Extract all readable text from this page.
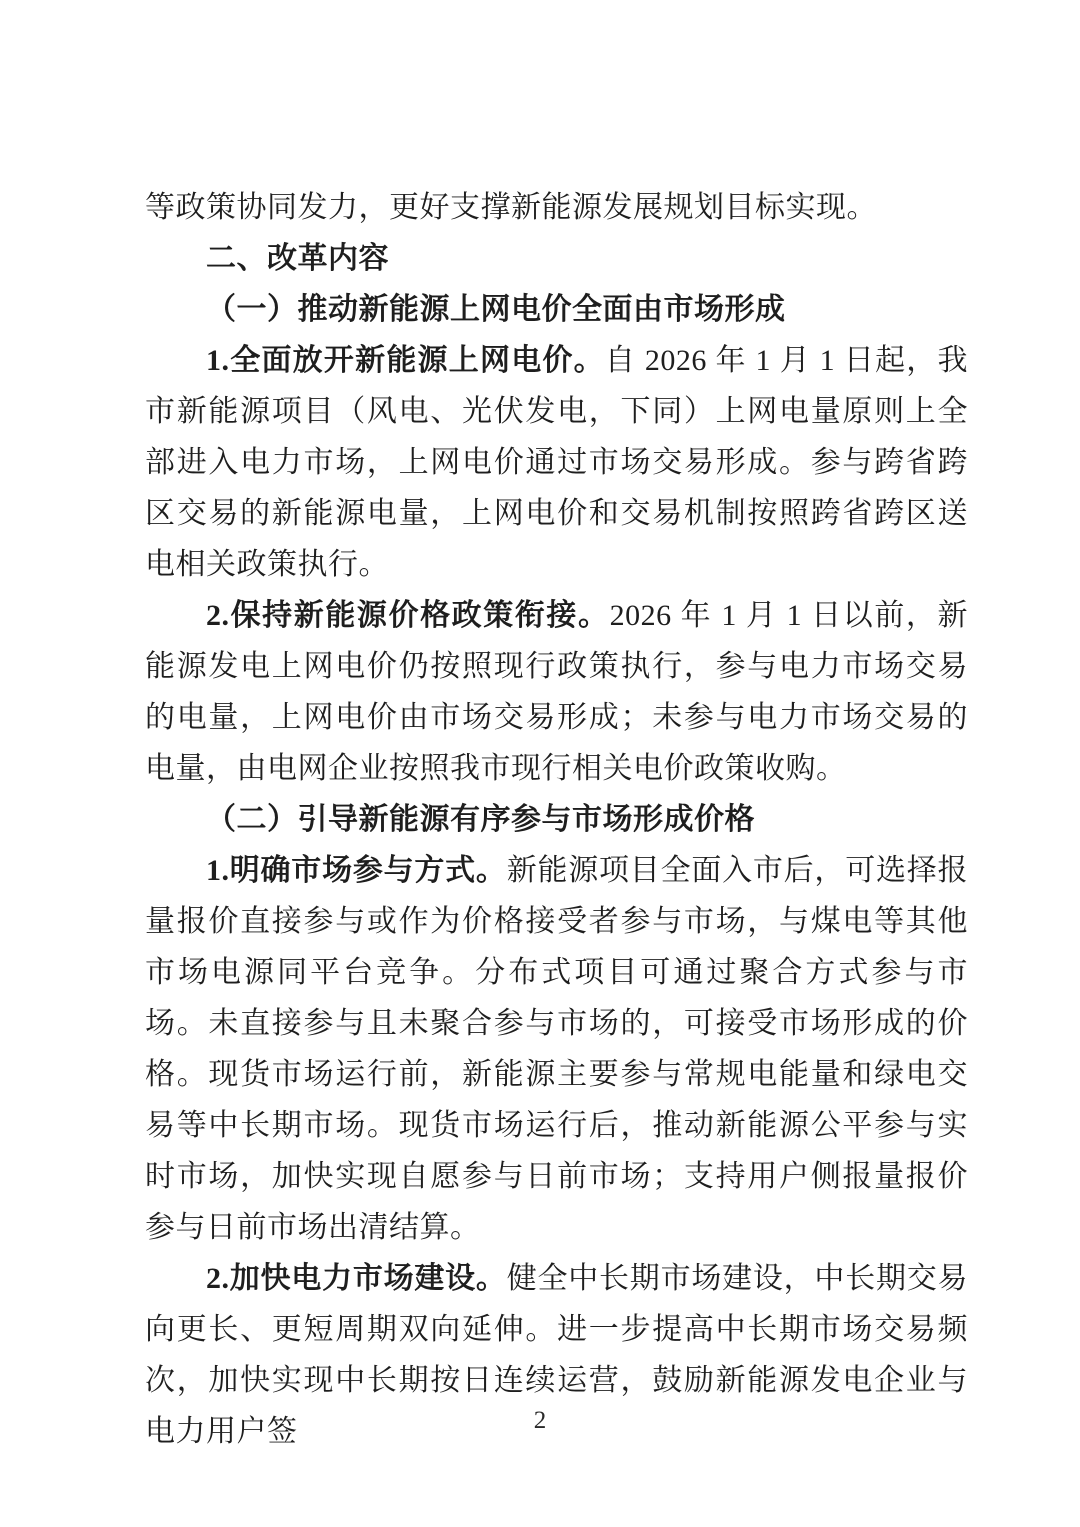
等政策协同发力，更好支撑新能源发展规划目标实现。

二、改革内容

（一）推动新能源上网电价全面由市场形成

1.全面放开新能源上网电价。自 2026 年 1 月 1 日起，我市新能源项目（风电、光伏发电，下同）上网电量原则上全部进入电力市场，上网电价通过市场交易形成。参与跨省跨区交易的新能源电量，上网电价和交易机制按照跨省跨区送电相关政策执行。

2.保持新能源价格政策衔接。2026 年 1 月 1 日以前，新能源发电上网电价仍按照现行政策执行，参与电力市场交易的电量，上网电价由市场交易形成；未参与电力市场交易的电量，由电网企业按照我市现行相关电价政策收购。

（二）引导新能源有序参与市场形成价格

1.明确市场参与方式。新能源项目全面入市后，可选择报量报价直接参与或作为价格接受者参与市场，与煤电等其他市场电源同平台竞争。分布式项目可通过聚合方式参与市场。未直接参与且未聚合参与市场的，可接受市场形成的价格。现货市场运行前，新能源主要参与常规电能量和绿电交易等中长期市场。现货市场运行后，推动新能源公平参与实时市场，加快实现自愿参与日前市场；支持用户侧报量报价参与日前市场出清结算。

2.加快电力市场建设。健全中长期市场建设，中长期交易向更长、更短周期双向延伸。进一步提高中长期市场交易频次，加快实现中长期按日连续运营，鼓励新能源发电企业与电力用户签	2
